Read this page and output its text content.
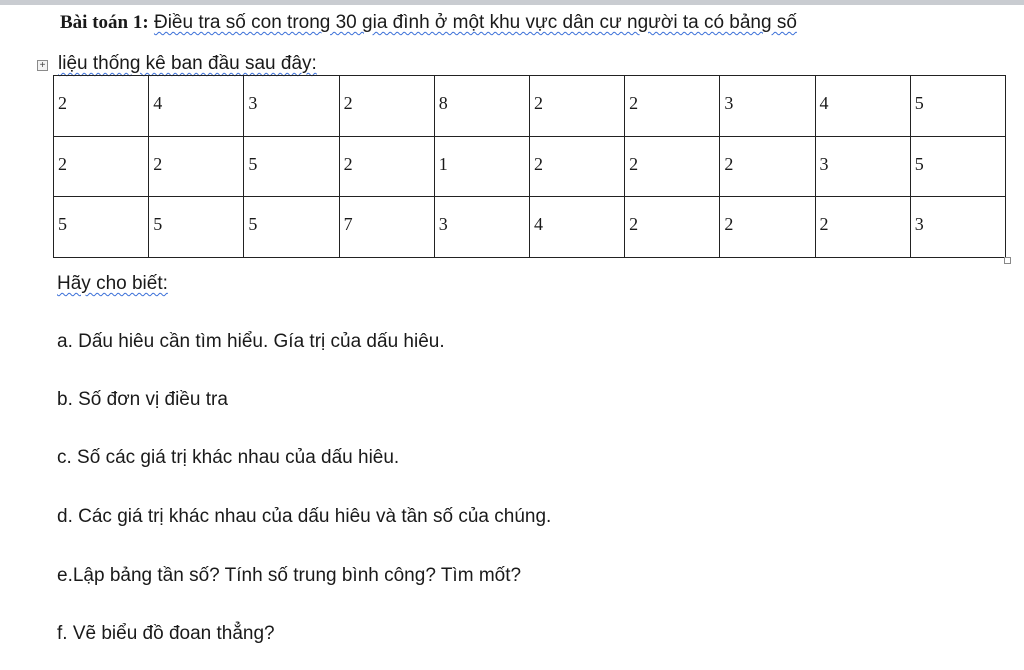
Bài toán 1: Điều tra số con trong 30 gia đình ở một khu vực dân cư người ta có bảng số
+ liệu thống kê ban đầu sau đây:
2	4	3	2	8	2	2	3	4	5
2	2	5	2	1	2	2	2	3	5
5	5	5	7	3	4	2	2	2	3
Hãy cho biết:
a. Dấu hiêu cần tìm hiểu. Gía trị của dấu hiêu.
b. Số đơn vị điều tra
c. Số các giá trị khác nhau của dấu hiêu.
d. Các giá trị khác nhau của dấu hiêu và tần số của chúng.
e.Lập bảng tần số? Tính số trung bình công? Tìm mốt?
f. Vẽ biểu đồ đoan thẳng?
